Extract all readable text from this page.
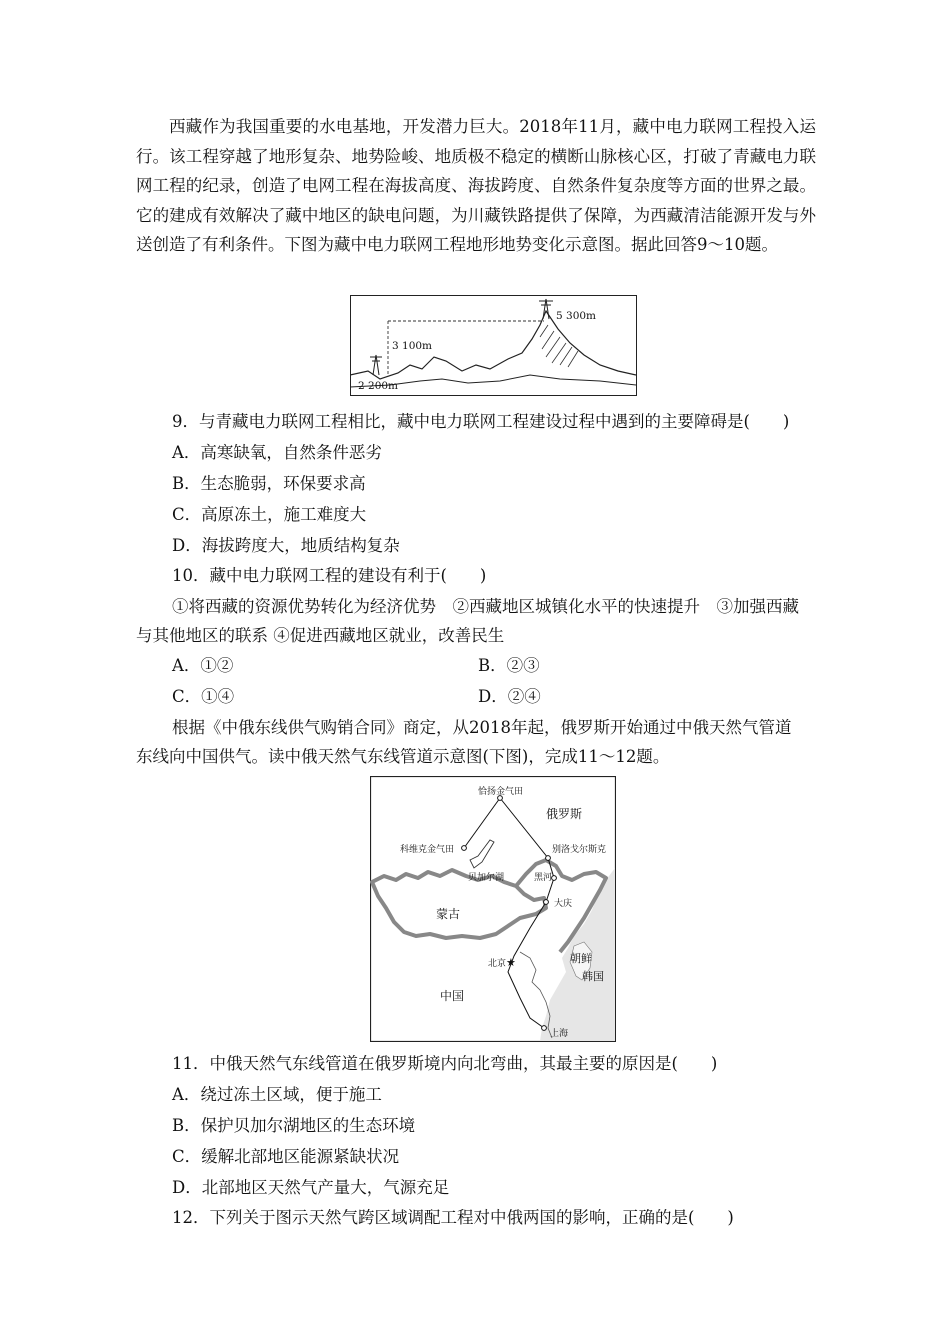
西藏作为我国重要的水电基地，开发潜力巨大。2018年11月，藏中电力联网工程投入运行。该工程穿越了地形复杂、地势险峻、地质极不稳定的横断山脉核心区，打破了青藏电力联网工程的纪录，创造了电网工程在海拔高度、海拔跨度、自然条件复杂度等方面的世界之最。它的建成有效解决了藏中地区的缺电问题，为川藏铁路提供了保障，为西藏清洁能源开发与外送创造了有利条件。下图为藏中电力联网工程地形地势变化示意图。据此回答9～10题。

2 200m
3 100m
5 300m

9．与青藏电力联网工程相比，藏中电力联网工程建设过程中遇到的主要障碍是(　　)

A．高寒缺氧，自然条件恶劣

B．生态脆弱，环保要求高

C．高原冻土，施工难度大

D．海拔跨度大，地质结构复杂

10．藏中电力联网工程的建设有利于(　　)

①将西藏的资源优势转化为经济优势　②西藏地区城镇化水平的快速提升　③加强西藏

与其他地区的联系 ④促进西藏地区就业，改善民生

A．①②	B．②③

C．①④	D．②④

根据《中俄东线供气购销合同》商定，从2018年起，俄罗斯开始通过中俄天然气管道

东线向中国供气。读中俄天然气东线管道示意图(下图)，完成11～12题。

★
恰扬金气田
俄罗斯
科维克金气田	别洛戈尔斯克
贝加尔湖	黑河
大庆
蒙古
北京	朝鲜
韩国
中国
上海

11．中俄天然气东线管道在俄罗斯境内向北弯曲，其最主要的原因是(　　)

A．绕过冻土区域，便于施工

B．保护贝加尔湖地区的生态环境

C．缓解北部地区能源紧缺状况

D．北部地区天然气产量大，气源充足

12．下列关于图示天然气跨区域调配工程对中俄两国的影响，正确的是(　　)
